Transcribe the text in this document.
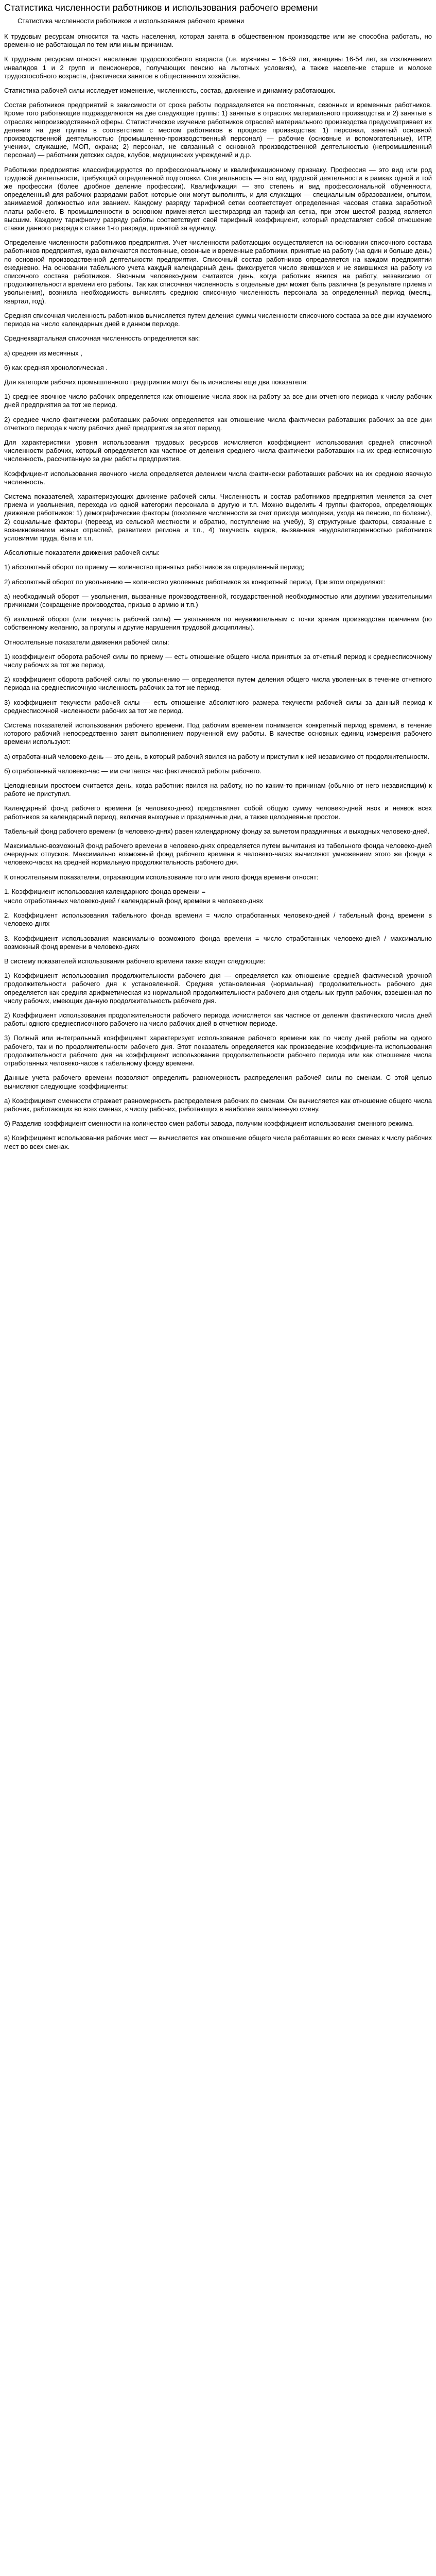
Статистика численности работников и использования рабочего времени
Статистика численности работников и использования рабочего времени

К трудовым ресурсам относится та часть населения, которая занята в общественном производстве или же способна работать, но временно не работающая по тем или иным причинам.

К трудовым ресурсам относят население трудоспособного возраста (т.е. мужчины – 16-59 лет, женщины 16-54 лет, за исключением инвалидов 1 и 2 групп и пенсионеров, получающих пенсию на льготных условиях), а также население старше и моложе трудоспособного возраста, фактически занятое в общественном хозяйстве.

Статистика рабочей силы исследует изменение, численность, состав, движение и динамику работающих.

Состав работников предприятий в зависимости от срока работы подразделяется на постоянных, сезонных и временных работников. Кроме того работающие подразделяются на две следующие группы: 1) занятые в отраслях материального производства и 2) занятые в отраслях непроизводственной сферы. Статистическое изучение работников отраслей материального производства предусматривает их деление на две группы в соответствии с местом работников в процессе производства: 1) персонал, занятый основной производственной деятельностью (промышленно-производственный персонал) — рабочие (основные и вспомогательные), ИТР, ученики, служащие, МОП, охрана; 2) персонал, не связанный с основной производственной деятельностью (непромышленный персонал) — работники детских садов, клубов, медицинских учреждений и д.р.

Работники предприятия классифицируются по профессиональному и квалификационному признаку. Профессия — это вид или род трудовой деятельности, требующий определенной подготовки. Специальность — это вид трудовой деятельности в рамках одной и той же профессии (более дробное деление профессии). Квалификация — это степень и вид профессиональной обученности, определенный для рабочих разрядами работ, которые они могут выполнять, и для служащих — специальным образованием, опытом, занимаемой должностью или званием. Каждому разряду тарифной сетки соответствует определенная часовая ставка заработной платы рабочего. В промышленности в основном применяется шестиразрядная тарифная сетка, при этом шестой разряд является высшим. Каждому тарифному разряду работы соответствует свой тарифный коэффициент, который представляет собой отношение ставки данного разряда к ставке 1-го разряда, принятой за единицу.

Определение численности работников предприятия. Учет численности работающих осуществляется на основании списочного состава работников предприятия, куда включаются постоянные, сезонные и временные работники, принятые на работу (на один и больше день) по основной производственной деятельности предприятия. Списочный состав работников определяется на каждом предприятии ежедневно. На основании табельного учета каждый календарный день фиксируется число явившихся и не явившихся на работу из списочного состава работников. Явочным человеко-днем считается день, когда работник явился на работу, независимо от продолжительности времени его работы. Так как списочная численность в отдельные дни может быть различна (в результате приема и увольнения), возникла необходимость вычислять среднюю списочную численность персонала за определенный период (месяц, квартал, год).

Средняя списочная численность работников вычисляется путем деления суммы численности списочного состава за все дни изучаемого периода на число календарных дней в данном периоде.

Среднеквартальная списочная численность определяется как:

а) средняя из месячных ,

б) как средняя хронологическая .

Для категории рабочих промышленного предприятия могут быть исчислены еще два показателя:

1) среднее явочное число рабочих определяется как отношение числа явок на работу за все дни отчетного периода к числу рабочих дней предприятия за тот же период.

2) среднее число фактически работавших рабочих определяется как отношение числа фактически работавших рабочих за все дни отчетного периода к числу рабочих дней предприятия за этот период.

Для характеристики уровня использования трудовых ресурсов исчисляется коэффициент использования средней списочной численности рабочих, который определяется как частное от деления среднего числа фактически работавших на их среднесписочную численность, рассчитанную за дни работы предприятия.

Коэффициент использования явочного числа определяется делением числа фактически работавших рабочих на их среднюю явочную численность.

Система показателей, характеризующих движение рабочей силы. Численность и состав работников предприятия меняется за счет приема и увольнения, перехода из одной категории персонала в другую и т.п. Можно выделить 4 группы факторов, определяющих движение работников: 1) демографические факторы (поколение численности за счет прихода молодежи, ухода на пенсию, по болезни), 2) социальные факторы (переезд из сельской местности и обратно, поступление на учебу), 3) структурные факторы, связанные с возникновением новых отраслей, развитием региона и т.п., 4) текучесть кадров, вызванная неудовлетворенностью работников условиями труда, быта и т.п.

Абсолютные показатели движения рабочей силы:

1) абсолютный оборот по приему — количество принятых работников за определенный период;

2) абсолютный оборот по увольнению — количество уволенных работников за конкретный период. При этом определяют:

а) необходимый оборот — увольнения, вызванные производственной, государственной необходимостью или другими уважительными причинами (сокращение производства, призыв в армию и т.п.)

б) излишний оборот (или текучесть рабочей силы) — увольнения по неуважительным с точки зрения производства причинам (по собственному желанию, за прогулы и другие нарушения трудовой дисциплины).

Относительные показатели движения рабочей силы:

1) коэффициент оборота рабочей силы по приему — есть отношение общего числа принятых за отчетный период к среднесписочному числу рабочих за тот же период.

2) коэффициент оборота рабочей силы по увольнению — определяется путем деления общего числа уволенных в течение отчетного периода на среднесписочную численность рабочих за тот же период.

3) коэффициент текучести рабочей силы — есть отношение абсолютного размера текучести рабочей силы за данный период к среднесписочной численности рабочих за тот же период.

Система показателей использования рабочего времени. Под рабочим временем понимается конкретный период времени, в течение которого рабочий непосредственно занят выполнением порученной ему работы. В качестве основных единиц измерения рабочего времени используют:

а) отработанный человеко-день — это день, в который рабочий явился на работу и приступил к ней независимо от продолжительности.

б) отработанный человеко-час — им считается час фактической работы рабочего.

Целодневным простоем считается день, когда работник явился на работу, но по каким-то причинам (обычно от него независящим) к работе не приступил.

Календарный фонд рабочего времени (в человеко-днях) представляет собой общую сумму человеко-дней явок и неявок всех работников за календарный период, включая выходные и праздничные дни, а также целодневные простои.

Табельный фонд рабочего времени (в человеко-днях) равен календарному фонду за вычетом праздничных и выходных человеко-дней.

Максимально-возможный фонд рабочего времени в человеко-днях определяется путем вычитания из табельного фонда человеко-дней очередных отпусков. Максимально возможный фонд рабочего времени в человеко-часах вычисляют умножением этого же фонда в человеко-часах на средней нормальную продолжительность рабочего дня.

К относительным показателям, отражающим использование того или иного фонда времени относят:

1. Коэффициент использования календарного фонда времени =

число отработанных человеко-дней / календарный фонд времени в человеко-днях

2. Коэффициент использования табельного фонда времени = число отработанных человеко-дней / табельный фонд времени в человеко-днях

3. Коэффициент использования максимально возможного фонда времени = число отработанных человеко-дней / максимально возможный фонд времени в человеко-днях

В систему показателей использования рабочего времени также входят следующие:

1) Коэффициент использования продолжительности рабочего дня — определяется как отношение средней фактической урочной продолжительности рабочего дня к установленной. Средняя установленная (нормальная) продолжительность рабочего дня определяется как средняя арифметическая из нормальной продолжительности рабочего дня отдельных групп рабочих, взвешенная по числу рабочих, имеющих данную продолжительность рабочего дня.

2) Коэффициент использования продолжительности рабочего периода исчисляется как частное от деления фактического числа дней работы одного среднесписочного рабочего на число рабочих дней в отчетном периоде.

3) Полный или интегральный коэффициент характеризует использование рабочего времени как по числу дней работы на одного рабочего, так и по продолжительности рабочего дня. Этот показатель определяется как произведение коэффициента использования продолжительности рабочего дня на коэффициент использования продолжительности рабочего периода или как отношение числа отработанных человеко-часов к табельному фонду времени.

Данные учета рабочего времени позволяют определить равномерность распределения рабочей силы по сменам. С этой целью вычисляют следующие коэффициенты:

а) Коэффициент сменности отражает равномерность распределения рабочих по сменам. Он вычисляется как отношение общего числа рабочих, работающих во всех сменах, к числу рабочих, работающих в наиболее заполненную смену.

б) Разделив коэффициент сменности на количество смен работы завода, получим коэффициент использования сменного режима.

в) Коэффициент использования рабочих мест — вычисляется как отношение общего числа работавших во всех сменах к числу рабочих мест во всех сменах.
